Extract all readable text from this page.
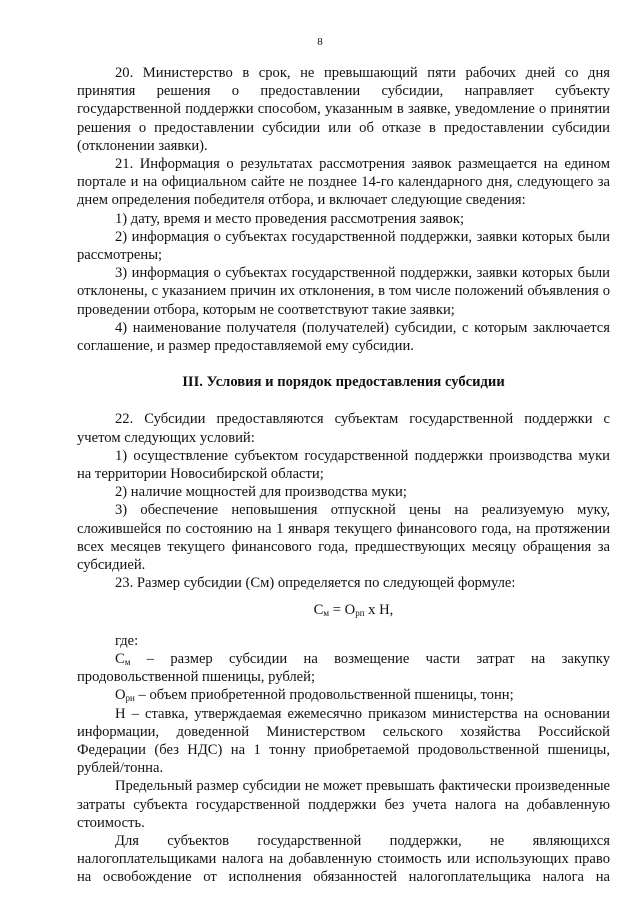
8

20. Министерство в срок, не превышающий пяти рабочих дней со дня принятия решения о предоставлении субсидии, направляет субъекту государственной поддержки способом, указанным в заявке, уведомление о принятии решения о предоставлении субсидии или об отказе в предоставлении субсидии (отклонении заявки).

21. Информация о результатах рассмотрения заявок размещается на едином портале и на официальном сайте не позднее 14-го календарного дня, следующего за днем определения победителя отбора, и включает следующие сведения:

1) дату, время и место проведения рассмотрения заявок;

2) информация о субъектах государственной поддержки, заявки которых были рассмотрены;

3) информация о субъектах государственной поддержки, заявки которых были отклонены, с указанием причин их отклонения, в том числе положений объявления о проведении отбора, которым не соответствуют такие заявки;

4) наименование получателя (получателей) субсидии, с которым заключается соглашение, и размер предоставляемой ему субсидии.

III. Условия и порядок предоставления субсидии

22. Субсидии предоставляются субъектам государственной поддержки с учетом следующих условий:

1) осуществление субъектом государственной поддержки производства муки на территории Новосибирской области;

2) наличие мощностей для производства муки;

3) обеспечение неповышения отпускной цены на реализуемую муку, сложившейся по состоянию на 1 января текущего финансового года, на протяжении всех месяцев текущего финансового года, предшествующих месяцу обращения за субсидией.

23. Размер субсидии (См) определяется по следующей формуле:

$С_м = О_{рп}$ х Н,

где:

$С_м$ – размер субсидии на возмещение части затрат на закупку продовольственной пшеницы, рублей;

$О_{рн}$ – объем приобретенной продовольственной пшеницы, тонн;

Н – ставка, утверждаемая ежемесячно приказом министерства на основании информации, доведенной Министерством сельского хозяйства Российской Федерации (без НДС) на 1 тонну приобретаемой продовольственной пшеницы, рублей/тонна.

Предельный размер субсидии не может превышать фактически произведенные затраты субъекта государственной поддержки без учета налога на добавленную стоимость.

Для субъектов государственной поддержки, не являющихся налогоплательщиками налога на добавленную стоимость или использующих право на освобождение от исполнения обязанностей налогоплательщика налога на
